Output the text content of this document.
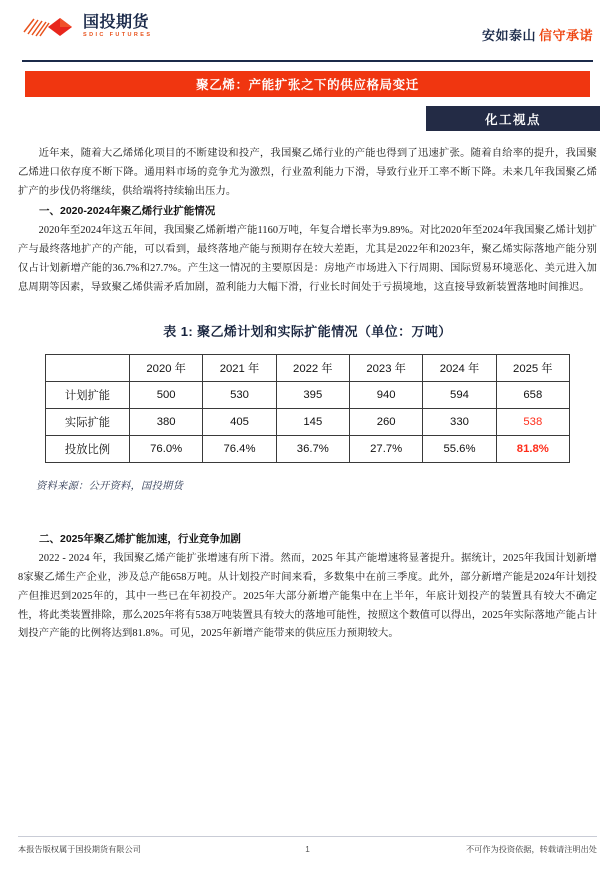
国投期货
SDIC FUTURES	安如泰山 信守承诺
聚乙烯：产能扩张之下的供应格局变迁
化工视点

近年来，随着大乙烯烯化项目的不断建设和投产，我国聚乙烯行业的产能也得到了迅速扩张。随着自给率的提升，我国聚乙烯进口依存度不断下降。通用料市场的竞争尤为激烈，行业盈利能力下滑，导致行业开工率不断下降。未来几年我国聚乙烯扩产的步伐仍将继续，供给端将持续输出压力。

一、2020-2024年聚乙烯行业扩能情况

2020年至2024年这五年间，我国聚乙烯新增产能1160万吨，年复合增长率为9.89%。对比2020年至2024年我国聚乙烯计划扩产与最终落地扩产的产能，可以看到，最终落地产能与预期存在较大差距，尤其是2022年和2023年，聚乙烯实际落地产能分别仅占计划新增产能的36.7%和27.7%。产生这一情况的主要原因是：房地产市场进入下行周期、国际贸易环境恶化、美元进入加息周期等因素，导致聚乙烯供需矛盾加剧，盈利能力大幅下滑，行业长时间处于亏损境地，这直接导致新装置落地时间推迟。

表 1: 聚乙烯计划和实际扩能情况（单位：万吨）
	2020 年	2021 年	2022 年	2023 年	2024 年	2025 年
计划扩能	500	530	395	940	594	658
实际扩能	380	405	145	260	330	538
投放比例	76.0%	76.4%	36.7%	27.7%	55.6%	81.8%
资料来源：公开资料，国投期货
二、2025年聚乙烯扩能加速，行业竞争加剧

2022 - 2024 年，我国聚乙烯产能扩张增速有所下滑。然而，2025 年其产能增速将显著提升。据统计，2025年我国计划新增8家聚乙烯生产企业，涉及总产能658万吨。从计划投产时间来看，多数集中在前三季度。此外，部分新增产能是2024年计划投产但推迟到2025年的，其中一些已在年初投产。2025年大部分新增产能集中在上半年，年底计划投产的装置具有较大不确定性，将此类装置排除，那么2025年将有538万吨装置具有较大的落地可能性，按照这个数值可以得出，2025年实际落地产能占计划投产产能的比例将达到81.8%。可见，2025年新增产能带来的供应压力预期较大。

本报告版权属于国投期货有限公司	1	不可作为投资依据，转载请注明出处
